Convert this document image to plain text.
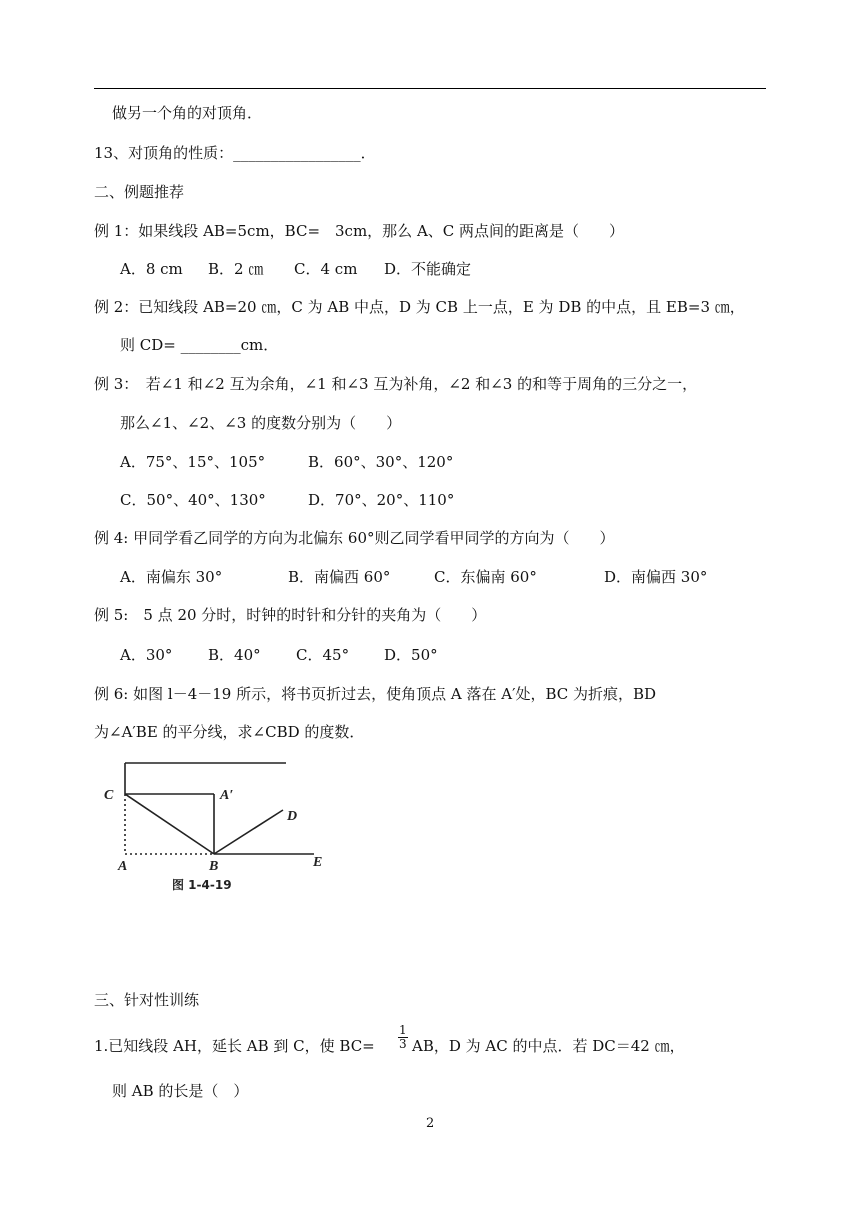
做另一个角的对顶角．
13、对顶角的性质：_________________．
二、例题推荐
例 1：如果线段 AB=5cm，BC=　3cm，那么 A、C 两点间的距离是（　　）
A．8 cm B．2 ㎝ C．4 cm D．不能确定
例 2：已知线段 AB=20 ㎝，C 为 AB 中点，D 为 CB 上一点，E 为 DB 的中点，且 EB=3 ㎝，
则 CD= ________cm．
例 3：　若∠1 和∠2 互为余角，∠1 和∠3 互为补角，∠2 和∠3 的和等于周角的三分之一，
那么∠1、∠2、∠3 的度数分别为（　　）
A．75°、15°、105°	B．60°、30°、120°
C．50°、40°、130°	D．70°、20°、110°
例 4: 甲同学看乙同学的方向为北偏东 60°则乙同学看甲同学的方向为（　　）
A．南偏东 30°	B．南偏西 60°	C．东偏南 60°	D．南偏西 30°
例 5:　5 点 20 分时，时钟的时针和分针的夹角为（　　）
A．30° B．40° C．45° D．50°
例 6: 如图 l－4－19 所示，将书页折过去，使角顶点 A 落在 A′处，BC 为折痕，BD
为∠A′BE 的平分线，求∠CBD 的度数．
C	A′
D
A	B	E
图 1-4-19
三、针对性训练
1.已知线段 AH，延长 AB 到 C，使 $BC= \frac{1}{3}$ AB，D 为 AC 的中点．若 DC＝42 ㎝，
则 AB 的长是（　）
2
